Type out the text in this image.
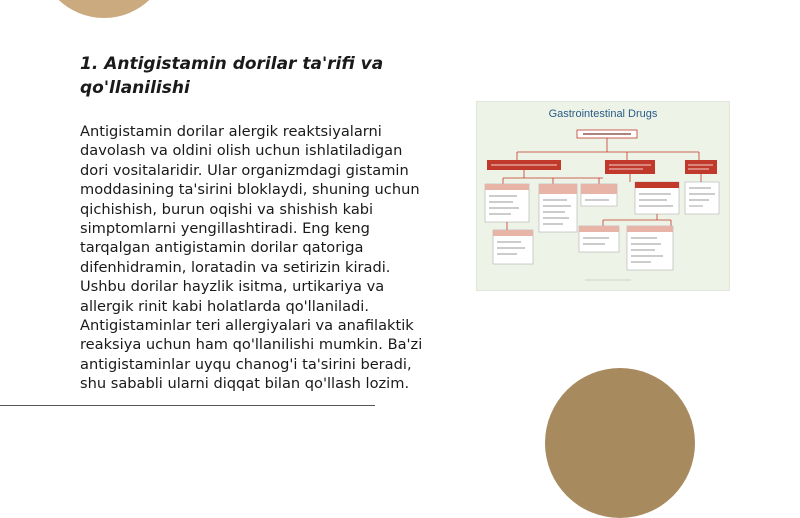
1. Antigistamin dorilar ta'rifi va qo'llanilishi

Antigistamin dorilar alergik reaktsiyalarni davolash va oldini olish uchun ishlatiladigan dori vositalaridir. Ular organizmdagi gistamin moddasining ta'sirini bloklaydi, shuning uchun qichishish, burun oqishi va shishish kabi simptomlarni yengillashtiradi. Eng keng tarqalgan antigistamin dorilar qatoriga difenhidramin, loratadin va setirizin kiradi. Ushbu dorilar hayzlik isitma, urtikariya va allergik rinit kabi holatlarda qo'llaniladi. Antigistaminlar teri allergiyalari va anafilaktik reaksiya uchun ham qo'llanilishi mumkin. Ba'zi antigistaminlar uyqu chanog'i ta'sirini beradi, shu sababli ularni diqqat bilan qo'llash lozim.

Gastrointestinal Drugs
